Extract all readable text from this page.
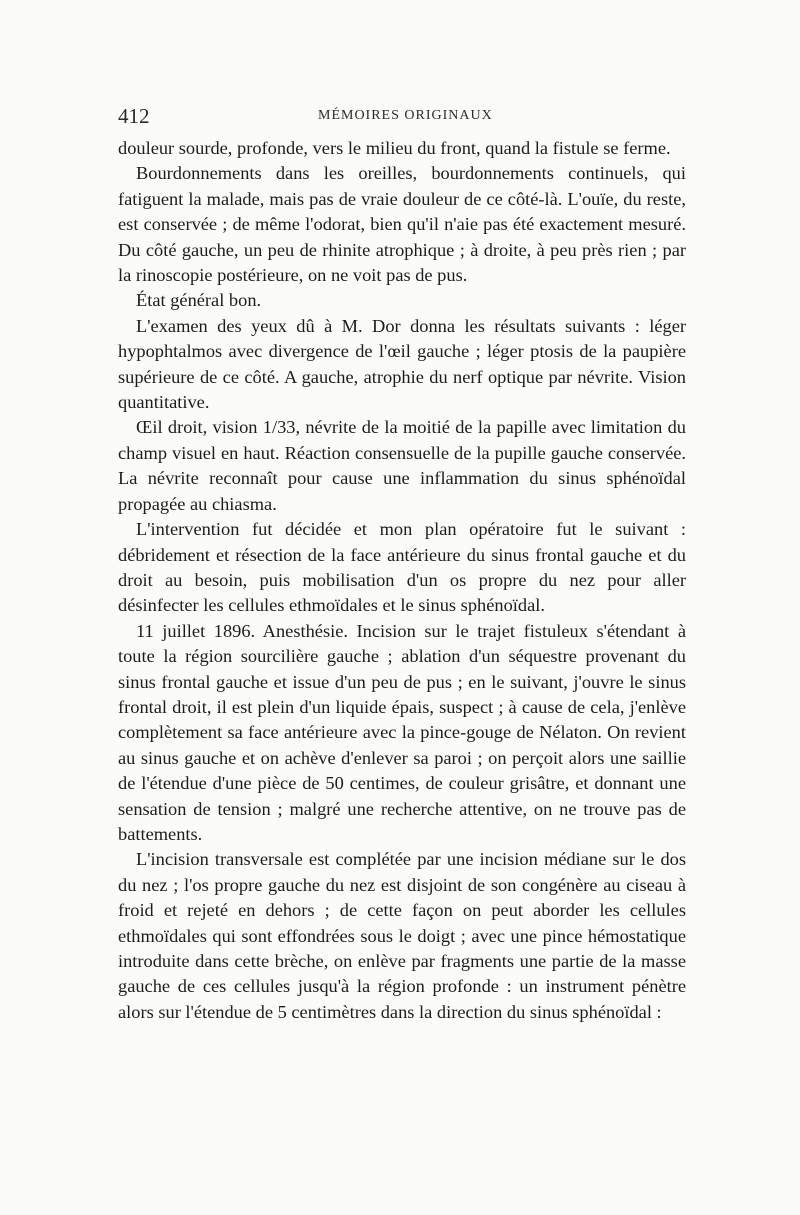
412	MÉMOIRES ORIGINAUX

douleur sourde, profonde, vers le milieu du front, quand la fistule se ferme.

Bourdonnements dans les oreilles, bourdonnements continuels, qui fatiguent la malade, mais pas de vraie douleur de ce côté-là. L'ouïe, du reste, est conservée ; de même l'odorat, bien qu'il n'aie pas été exactement mesuré. Du côté gauche, un peu de rhinite atrophique ; à droite, à peu près rien ; par la rinoscopie postérieure, on ne voit pas de pus.

État général bon.

L'examen des yeux dû à M. Dor donna les résultats suivants : léger hypophtalmos avec divergence de l'œil gauche ; léger ptosis de la paupière supérieure de ce côté. A gauche, atrophie du nerf optique par névrite. Vision quantitative.

Œil droit, vision 1/33, névrite de la moitié de la papille avec limitation du champ visuel en haut. Réaction consensuelle de la pupille gauche conservée. La névrite reconnaît pour cause une inflammation du sinus sphénoïdal propagée au chiasma.

L'intervention fut décidée et mon plan opératoire fut le suivant : débridement et résection de la face antérieure du sinus frontal gauche et du droit au besoin, puis mobilisation d'un os propre du nez pour aller désinfecter les cellules ethmoïdales et le sinus sphénoïdal.

11 juillet 1896. Anesthésie. Incision sur le trajet fistuleux s'étendant à toute la région sourcilière gauche ; ablation d'un séquestre provenant du sinus frontal gauche et issue d'un peu de pus ; en le suivant, j'ouvre le sinus frontal droit, il est plein d'un liquide épais, suspect ; à cause de cela, j'enlève complètement sa face antérieure avec la pince-gouge de Nélaton. On revient au sinus gauche et on achève d'enlever sa paroi ; on perçoit alors une saillie de l'étendue d'une pièce de 50 centimes, de couleur grisâtre, et donnant une sensation de tension ; malgré une recherche attentive, on ne trouve pas de battements.

L'incision transversale est complétée par une incision médiane sur le dos du nez ; l'os propre gauche du nez est disjoint de son congénère au ciseau à froid et rejeté en dehors ; de cette façon on peut aborder les cellules ethmoïdales qui sont effondrées sous le doigt ; avec une pince hémostatique introduite dans cette brèche, on enlève par fragments une partie de la masse gauche de ces cellules jusqu'à la région profonde : un instrument pénètre alors sur l'étendue de 5 centimètres dans la direction du sinus sphénoïdal :
